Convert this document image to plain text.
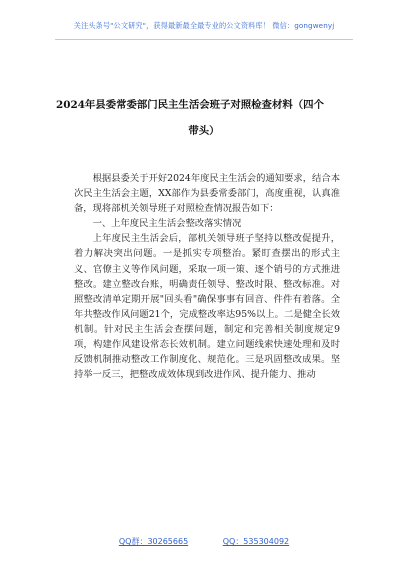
关注头条号"公文研究"，获得最新最全最专业的公文资料库！ 微信：gongwenyj
2024年县委常委部门民主生活会班子对照检查材料（四个
带头）

根据县委关于开好2024年度民主生活会的通知要求，结合本次民主生活会主题，XX部作为县委常委部门，高度重视，认真准备，现将部机关领导班子对照检查情况报告如下：

一、上年度民主生活会整改落实情况

上年度民主生活会后，部机关领导班子坚持以整改促提升，着力解决突出问题。一是抓实专项整治。紧盯查摆出的形式主义、官僚主义等作风问题，采取一项一策、逐个销号的方式推进整改。建立整改台账，明确责任领导、整改时限、整改标准。对照整改清单定期开展"回头看"确保事事有回音、件件有着落。全年共整改作风问题21个，完成整改率达95%以上。二是健全长效机制。针对民主生活会查摆问题，制定和完善相关制度规定9项，构建作风建设常态长效机制。建立问题线索快速处理和及时反馈机制推动整改工作制度化、规范化。三是巩固整改成果。坚持举一反三，把整改成效体现到改进作风、提升能力、推动

QQ群：30265665	QQ：535304092
